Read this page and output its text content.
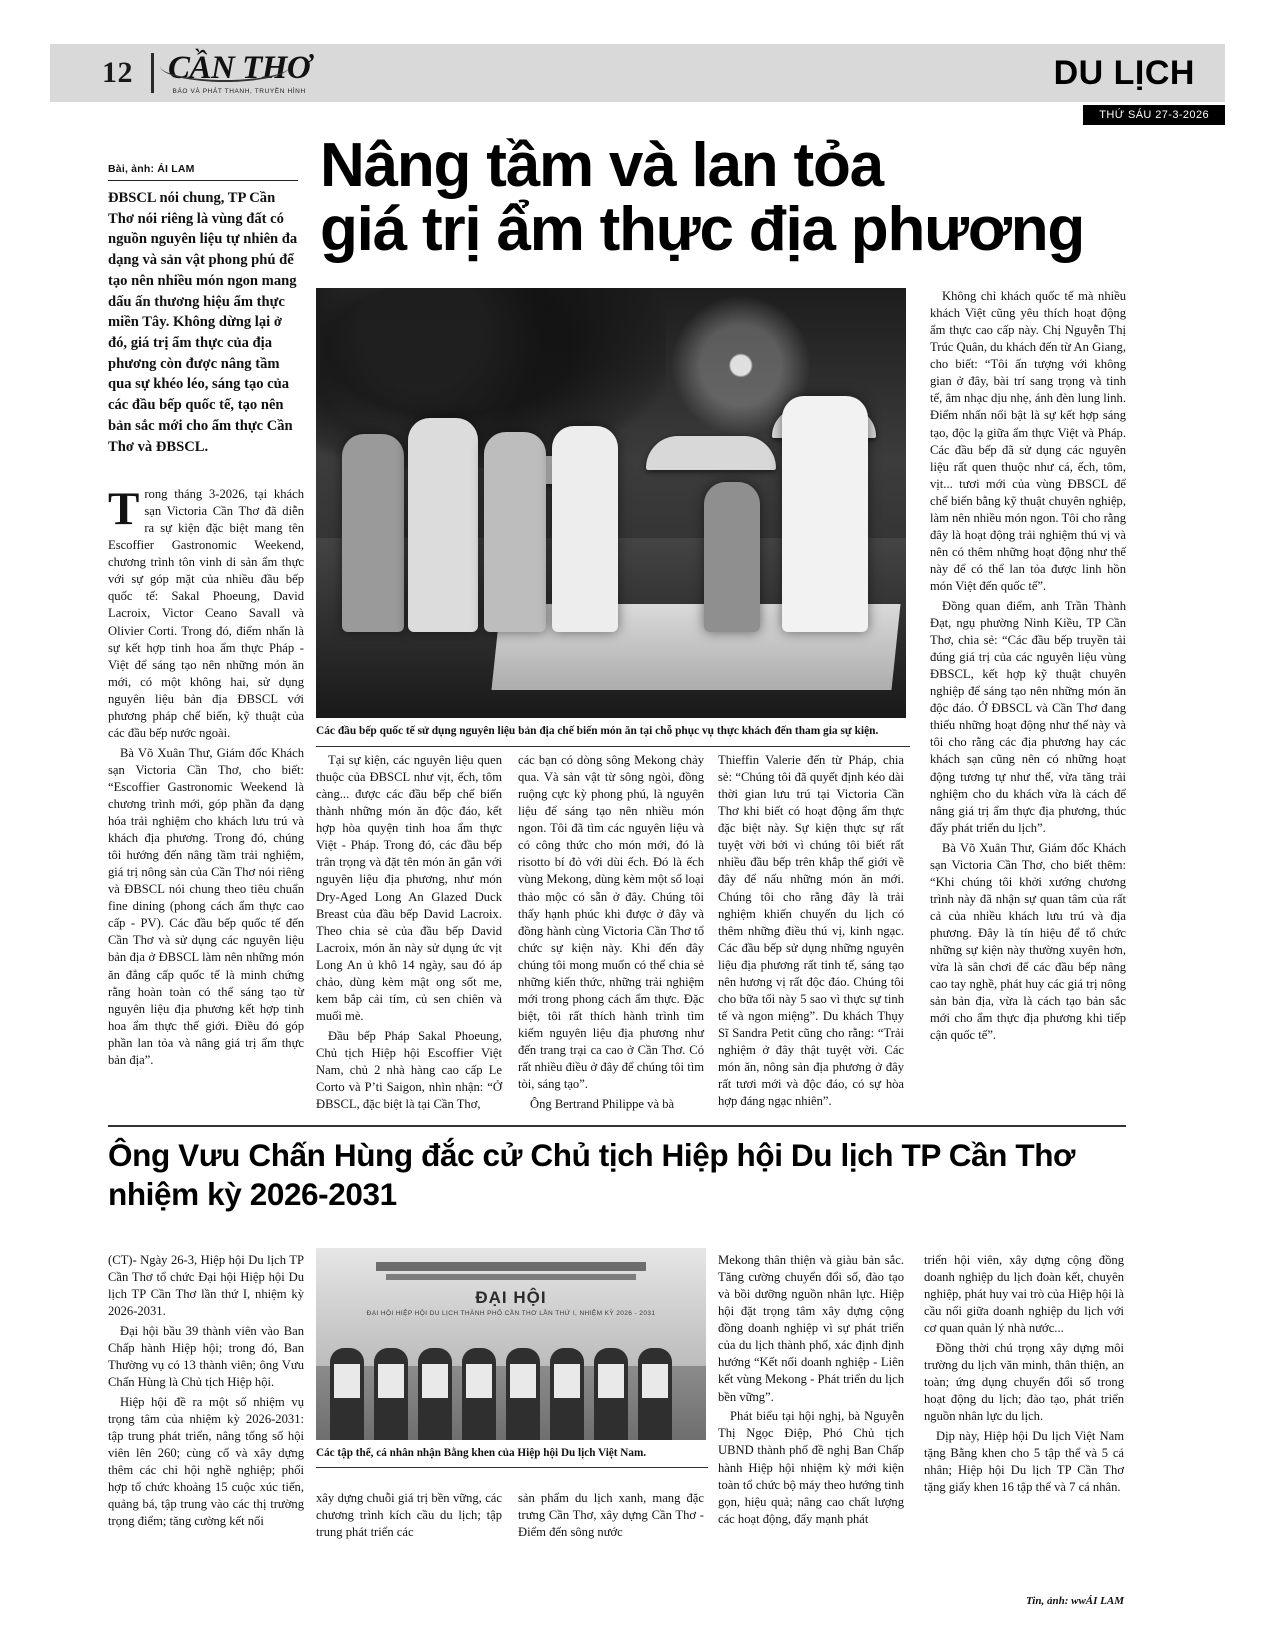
12 CẦN THƠ
BÁO VÀ PHÁT THANH, TRUYỀN HÌNH	DU LỊCH
THỨ SÁU 27-3-2026
Bài, ảnh: ÁI LAM
ĐBSCL nói chung, TP Cần Thơ nói riêng là vùng đất có nguồn nguyên liệu tự nhiên đa dạng và sản vật phong phú để tạo nên nhiều món ngon mang dấu ấn thương hiệu ẩm thực miền Tây. Không dừng lại ở đó, giá trị ẩm thực của địa phương còn được nâng tầm qua sự khéo léo, sáng tạo của các đầu bếp quốc tế, tạo nên bản sắc mới cho ẩm thực Cần Thơ và ĐBSCL.
Nâng tầm và lan tỏa
giá trị ẩm thực địa phương
Các đầu bếp quốc tế sử dụng nguyên liệu bản địa chế biến món ăn tại chỗ phục vụ thực khách đến tham gia sự kiện.

Trong tháng 3-2026, tại khách sạn Victoria Cần Thơ đã diễn ra sự kiện đặc biệt mang tên Escoffier Gastronomic Weekend, chương trình tôn vinh di sản ẩm thực với sự góp mặt của nhiều đầu bếp quốc tế: Sakal Phoeung, David Lacroix, Victor Ceano Savall và Olivier Corti. Trong đó, điểm nhấn là sự kết hợp tinh hoa ẩm thực Pháp - Việt để sáng tạo nên những món ăn mới, có một không hai, sử dụng nguyên liệu bản địa ĐBSCL với phương pháp chế biến, kỹ thuật của các đầu bếp nước ngoài.

Bà Võ Xuân Thư, Giám đốc Khách sạn Victoria Cần Thơ, cho biết: “Escoffier Gastronomic Weekend là chương trình mới, góp phần đa dạng hóa trải nghiệm cho khách lưu trú và khách địa phương. Trong đó, chúng tôi hướng đến nâng tầm trải nghiệm, giá trị nông sản của Cần Thơ nói riêng và ĐBSCL nói chung theo tiêu chuẩn fine dining (phong cách ẩm thực cao cấp - PV). Các đầu bếp quốc tế đến Cần Thơ và sử dụng các nguyên liệu bản địa ở ĐBSCL làm nên những món ăn đẳng cấp quốc tế là minh chứng rằng hoàn toàn có thể sáng tạo từ nguyên liệu địa phương kết hợp tinh hoa ẩm thực thế giới. Điều đó góp phần lan tỏa và nâng giá trị ẩm thực bản địa”.

Tại sự kiện, các nguyên liệu quen thuộc của ĐBSCL như vịt, ếch, tôm càng... được các đầu bếp chế biến thành những món ăn độc đáo, kết hợp hòa quyện tinh hoa ẩm thực Việt - Pháp. Trong đó, các đầu bếp trân trọng và đặt tên món ăn gắn với nguyên liệu địa phương, như món Dry-Aged Long An Glazed Duck Breast của đầu bếp David Lacroix. Theo chia sẻ của đầu bếp David Lacroix, món ăn này sử dụng ức vịt Long An ủ khô 14 ngày, sau đó áp chảo, dùng kèm mật ong sốt me, kem bắp cải tím, củ sen chiên và muối mè.

Đầu bếp Pháp Sakal Phoeung, Chủ tịch Hiệp hội Escoffier Việt Nam, chủ 2 nhà hàng cao cấp Le Corto và P’ti Saigon, nhìn nhận: “Ở ĐBSCL, đặc biệt là tại Cần Thơ,

các bạn có dòng sông Mekong chảy qua. Và sản vật từ sông ngòi, đồng ruộng cực kỳ phong phú, là nguyên liệu để sáng tạo nên nhiều món ngon. Tôi đã tìm các nguyên liệu và có công thức cho món mới, đó là risotto bí đỏ với dùi ếch. Đó là ếch vùng Mekong, dùng kèm một số loại thảo mộc có sẵn ở đây. Chúng tôi thấy hạnh phúc khi được ở đây và đồng hành cùng Victoria Cần Thơ tổ chức sự kiện này. Khi đến đây chúng tôi mong muốn có thể chia sẻ những kiến thức, những trải nghiệm mới trong phong cách ẩm thực. Đặc biệt, tôi rất thích hành trình tìm kiếm nguyên liệu địa phương như đến trang trại ca cao ở Cần Thơ. Có rất nhiều điều ở đây để chúng tôi tìm tòi, sáng tạo”.

Ông Bertrand Philippe và bà

Thieffin Valerie đến từ Pháp, chia sẻ: “Chúng tôi đã quyết định kéo dài thời gian lưu trú tại Victoria Cần Thơ khi biết có hoạt động ẩm thực đặc biệt này. Sự kiện thực sự rất tuyệt vời bởi vì chúng tôi biết rất nhiều đầu bếp trên khắp thế giới về đây để nấu những món ăn mới. Chúng tôi cho rằng đây là trải nghiệm khiến chuyến du lịch có thêm những điều thú vị, kinh ngạc. Các đầu bếp sử dụng những nguyên liệu địa phương rất tinh tế, sáng tạo nên hương vị rất độc đáo. Chúng tôi cho bữa tối này 5 sao vì thực sự tinh tế và ngon miệng”. Du khách Thụy Sĩ Sandra Petit cũng cho rằng: “Trải nghiệm ở đây thật tuyệt vời. Các món ăn, nông sản địa phương ở đây rất tươi mới và độc đáo, có sự hòa hợp đáng ngạc nhiên”.

Không chỉ khách quốc tế mà nhiều khách Việt cũng yêu thích hoạt động ẩm thực cao cấp này. Chị Nguyễn Thị Trúc Quân, du khách đến từ An Giang, cho biết: “Tôi ấn tượng với không gian ở đây, bài trí sang trọng và tinh tế, âm nhạc dịu nhẹ, ánh đèn lung linh. Điểm nhấn nổi bật là sự kết hợp sáng tạo, độc lạ giữa ẩm thực Việt và Pháp. Các đầu bếp đã sử dụng các nguyên liệu rất quen thuộc như cá, ếch, tôm, vịt... tươi mới của vùng ĐBSCL để chế biến bằng kỹ thuật chuyên nghiệp, làm nên nhiều món ngon. Tôi cho rằng đây là hoạt động trải nghiệm thú vị và nên có thêm những hoạt động như thế này để có thể lan tỏa được linh hồn món Việt đến quốc tế”.

Đồng quan điểm, anh Trần Thành Đạt, ngụ phường Ninh Kiều, TP Cần Thơ, chia sẻ: “Các đầu bếp truyền tải đúng giá trị của các nguyên liệu vùng ĐBSCL, kết hợp kỹ thuật chuyên nghiệp để sáng tạo nên những món ăn độc đáo. Ở ĐBSCL và Cần Thơ đang thiếu những hoạt động như thế này và tôi cho rằng các địa phương hay các khách sạn cũng nên có những hoạt động tương tự như thế, vừa tăng trải nghiệm cho du khách vừa là cách để nâng giá trị ẩm thực địa phương, thúc đẩy phát triển du lịch”.

Bà Võ Xuân Thư, Giám đốc Khách sạn Victoria Cần Thơ, cho biết thêm: “Khi chúng tôi khởi xướng chương trình này đã nhận sự quan tâm của rất cả của nhiều khách lưu trú và địa phương. Đây là tín hiệu để tổ chức những sự kiện này thường xuyên hơn, vừa là sân chơi để các đầu bếp nâng cao tay nghề, phát huy các giá trị nông sản bản địa, vừa là cách tạo bản sắc mới cho ẩm thực địa phương khi tiếp cận quốc tế”.

Ông Vưu Chấn Hùng đắc cử Chủ tịch Hiệp hội Du lịch TP Cần Thơ
nhiệm kỳ 2026-2031
ĐẠI HỘI
ĐẠI HỘI HIỆP HỘI DU LỊCH THÀNH PHỐ CẦN THƠ LẦN THỨ I, NHIỆM KỲ 2026 - 2031
Các tập thể, cá nhân nhận Bằng khen của Hiệp hội Du lịch Việt Nam.

(CT)- Ngày 26-3, Hiệp hội Du lịch TP Cần Thơ tổ chức Đại hội Hiệp hội Du lịch TP Cần Thơ lần thứ I, nhiệm kỳ 2026-2031.

Đại hội bầu 39 thành viên vào Ban Chấp hành Hiệp hội; trong đó, Ban Thường vụ có 13 thành viên; ông Vưu Chấn Hùng là Chủ tịch Hiệp hội.

Hiệp hội đề ra một số nhiệm vụ trọng tâm của nhiệm kỳ 2026-2031: tập trung phát triển, nâng tổng số hội viên lên 260; cùng cố và xây dựng thêm các chi hội nghề nghiệp; phối hợp tổ chức khoảng 15 cuộc xúc tiến, quảng bá, tập trung vào các thị trường trọng điểm; tăng cường kết nối

xây dựng chuỗi giá trị bền vững, các chương trình kích cầu du lịch; tập trung phát triển các

sản phẩm du lịch xanh, mang đặc trưng Cần Thơ, xây dựng Cần Thơ - Điểm đến sông nước

Mekong thân thiện và giàu bản sắc. Tăng cường chuyển đổi số, đào tạo và bồi dưỡng nguồn nhân lực. Hiệp hội đặt trọng tâm xây dựng cộng đồng doanh nghiệp vì sự phát triển của du lịch thành phố, xác định định hướng “Kết nối doanh nghiệp - Liên kết vùng Mekong - Phát triển du lịch bền vững”.

Phát biểu tại hội nghị, bà Nguyễn Thị Ngọc Điệp, Phó Chủ tịch UBND thành phố đề nghị Ban Chấp hành Hiệp hội nhiệm kỳ mới kiện toàn tổ chức bộ máy theo hướng tinh gọn, hiệu quả; nâng cao chất lượng các hoạt động, đẩy mạnh phát

triển hội viên, xây dựng cộng đồng doanh nghiệp du lịch đoàn kết, chuyên nghiệp, phát huy vai trò của Hiệp hội là cầu nối giữa doanh nghiệp du lịch với cơ quan quản lý nhà nước...

Đồng thời chú trọng xây dựng môi trường du lịch văn minh, thân thiện, an toàn; ứng dụng chuyển đổi số trong hoạt động du lịch; đào tạo, phát triển nguồn nhân lực du lịch.

Dịp này, Hiệp hội Du lịch Việt Nam tặng Bằng khen cho 5 tập thể và 5 cá nhân; Hiệp hội Du lịch TP Cần Thơ tặng giấy khen 16 tập thể và 7 cá nhân.

Tin, ảnh: wwÁI LAM
